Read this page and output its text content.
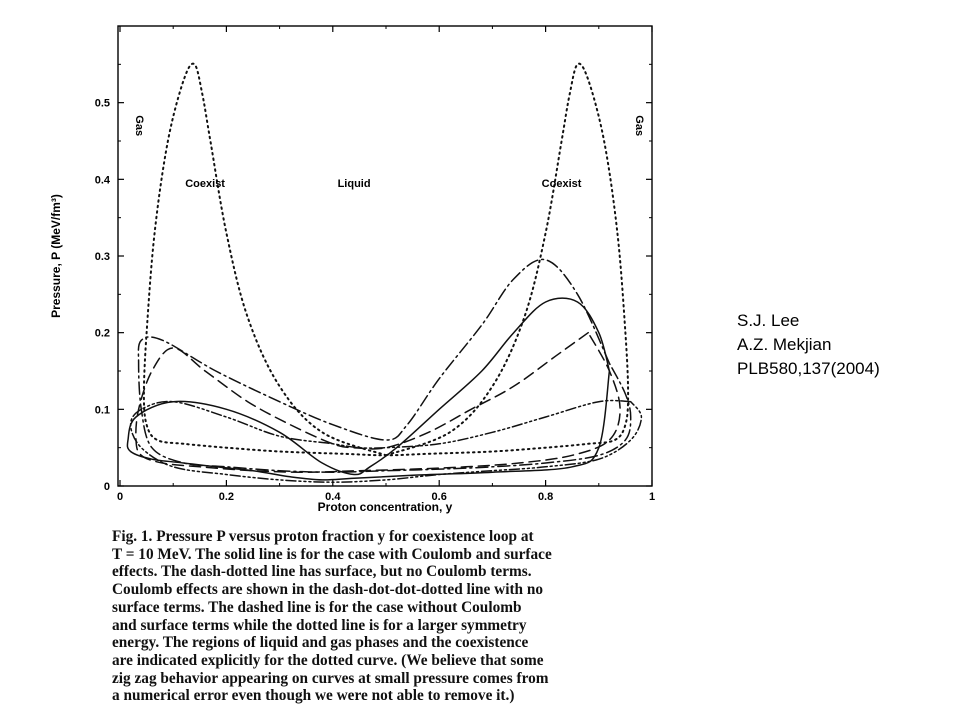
0	0.2	0.4	0.6	0.8	1
0
0.1
0.2
0.3
0.4
0.5
Gas
Coexist	Liquid	Coexist
Gas
Proton concentration, y
Pressure, P (MeV/fm³)
Fig. 1. Pressure P versus proton fraction y for coexistence loop at
T = 10 MeV. The solid line is for the case with Coulomb and surface
effects. The dash-dotted line has surface, but no Coulomb terms.
Coulomb effects are shown in the dash-dot-dot-dotted line with no
surface terms. The dashed line is for the case without Coulomb
and surface terms while the dotted line is for a larger symmetry
energy. The regions of liquid and gas phases and the coexistence
are indicated explicitly for the dotted curve. (We believe that some
zig zag behavior appearing on curves at small pressure comes from
a numerical error even though we were not able to remove it.)
S.J. Lee
A.Z. Mekjian
PLB580,137(2004)
